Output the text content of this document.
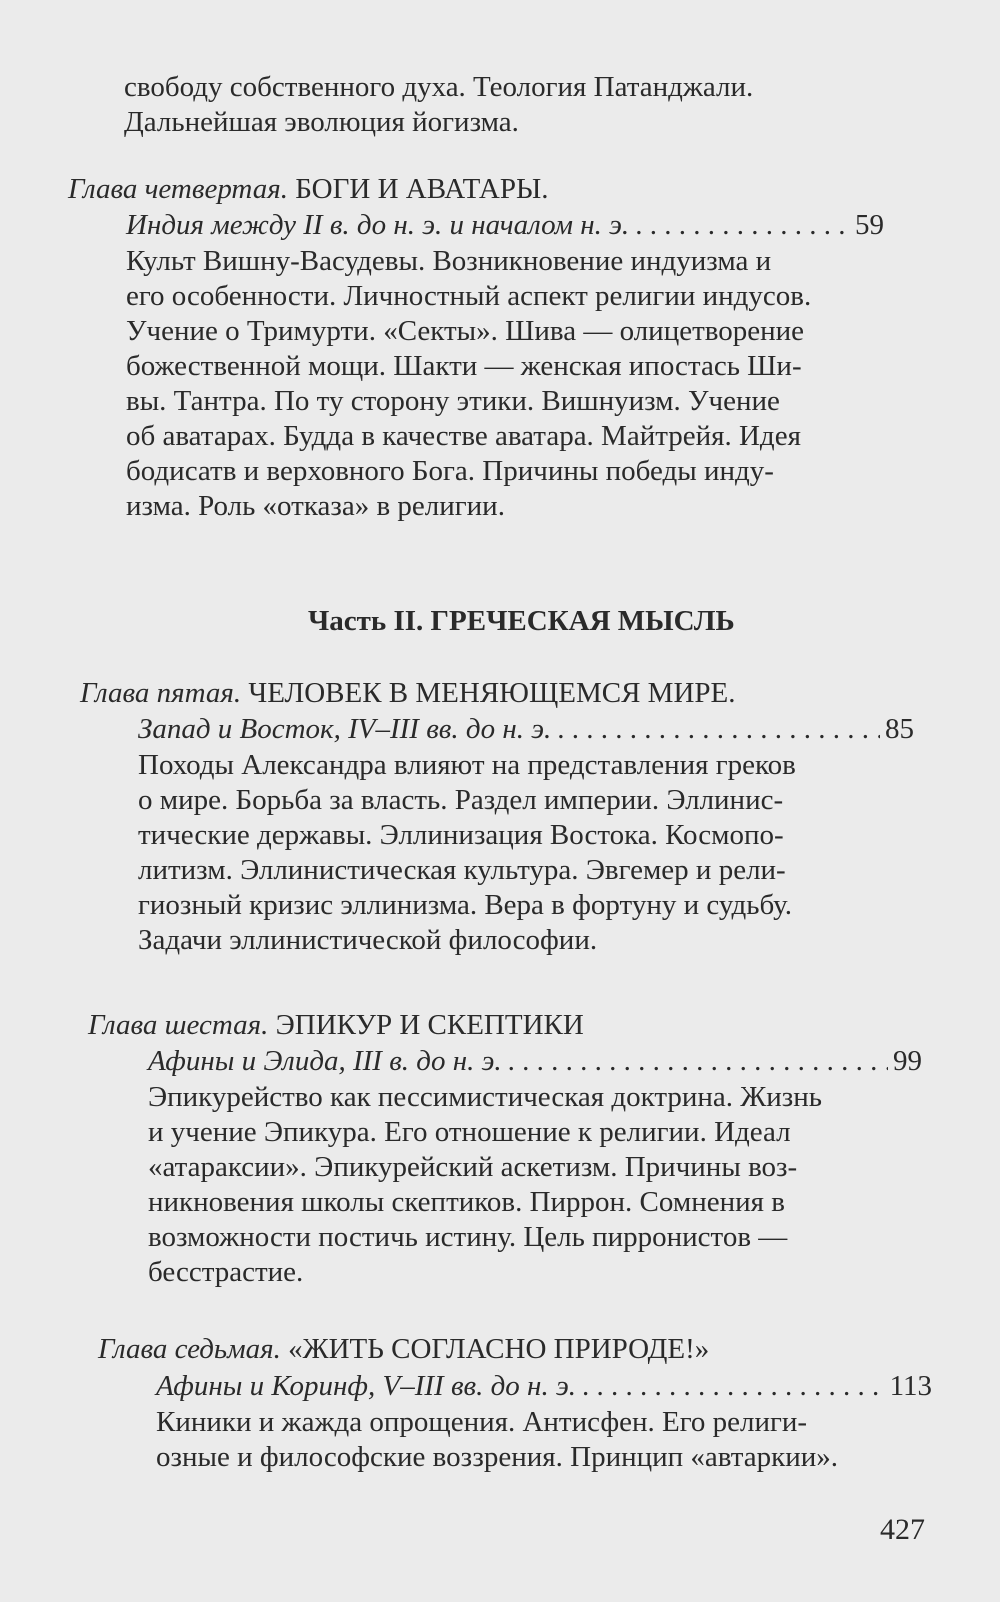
свободу собственного духа. Теология Патанджали.
Дальнейшая эволюция йогизма.
Глава четвертая. БОГИ И АВАТАРЫ.
Индия между II в. до н. э. и началом н. э. . . .	59
Культ Вишну-Васудевы. Возникновение индуизма и
его особенности. Личностный аспект религии индусов.
Учение о Тримурти. «Секты». Шива — олицетворение
божественной мощи. Шакти — женская ипостась Ши-
вы. Тантра. По ту сторону этики. Вишнуизм. Учение
об аватарах. Будда в качестве аватара. Майтрейя. Идея
бодисатв и верховного Бога. Причины победы инду-
изма. Роль «отказа» в религии.
Часть II. ГРЕЧЕСКАЯ МЫСЛЬ
Глава пятая. ЧЕЛОВЕК В МЕНЯЮЩЕМСЯ МИРЕ.
Запад и Восток, IV–III вв. до н. э. . . .	85
Походы Александра влияют на представления греков
о мире. Борьба за власть. Раздел империи. Эллинис-
тические державы. Эллинизация Востока. Космопо-
литизм. Эллинистическая культура. Эвгемер и рели-
гиозный кризис эллинизма. Вера в фортуну и судьбу.
Задачи эллинистической философии.
Глава шестая. ЭПИКУР И СКЕПТИКИ
Афины и Элида, III в. до н. э. . . .	99
Эпикурейство как пессимистическая доктрина. Жизнь
и учение Эпикура. Его отношение к религии. Идеал
«атараксии». Эпикурейский аскетизм. Причины воз-
никновения школы скептиков. Пиррон. Сомнения в
возможности постичь истину. Цель пирронистов —
бесстрастие.
Глава седьмая. «ЖИТЬ СОГЛАСНО ПРИРОДЕ!»
Афины и Коринф, V–III вв. до н. э. . . .	113
Киники и жажда опрощения. Антисфен. Его религи-
озные и философские воззрения. Принцип «автаркии».
427
